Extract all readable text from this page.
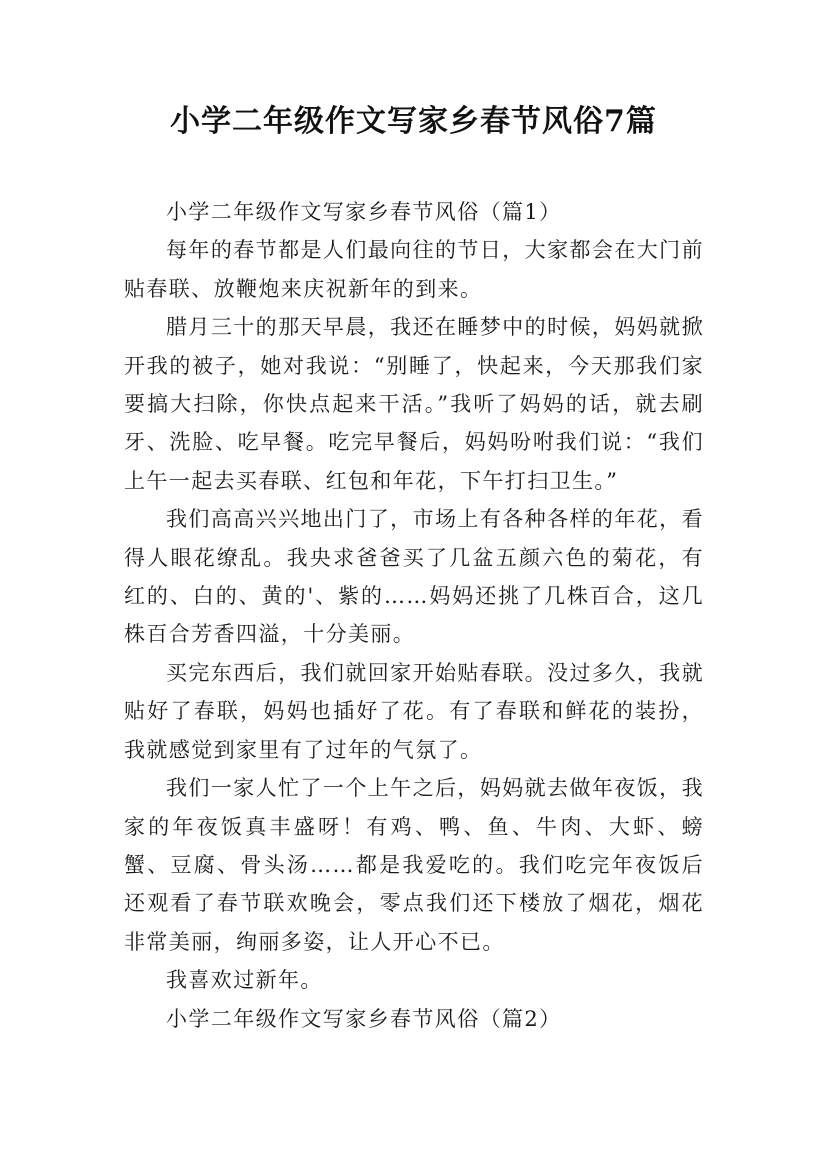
小学二年级作文写家乡春节风俗7篇

小学二年级作文写家乡春节风俗（篇1）

每年的春节都是人们最向往的节日，大家都会在大门前贴春联、放鞭炮来庆祝新年的到来。

腊月三十的那天早晨，我还在睡梦中的时候，妈妈就掀开我的被子，她对我说：“别睡了，快起来，今天那我们家要搞大扫除，你快点起来干活。”我听了妈妈的话，就去刷牙、洗脸、吃早餐。吃完早餐后，妈妈吩咐我们说：“我们上午一起去买春联、红包和年花，下午打扫卫生。”

我们高高兴兴地出门了，市场上有各种各样的年花，看得人眼花缭乱。我央求爸爸买了几盆五颜六色的菊花，有红的、白的、黄的'、紫的……妈妈还挑了几株百合，这几株百合芳香四溢，十分美丽。

买完东西后，我们就回家开始贴春联。没过多久，我就贴好了春联，妈妈也插好了花。有了春联和鲜花的装扮，我就感觉到家里有了过年的气氛了。

我们一家人忙了一个上午之后，妈妈就去做年夜饭，我家的年夜饭真丰盛呀！有鸡、鸭、鱼、牛肉、大虾、螃蟹、豆腐、骨头汤……都是我爱吃的。我们吃完年夜饭后还观看了春节联欢晚会，零点我们还下楼放了烟花，烟花非常美丽，绚丽多姿，让人开心不已。

我喜欢过新年。

小学二年级作文写家乡春节风俗（篇2）
